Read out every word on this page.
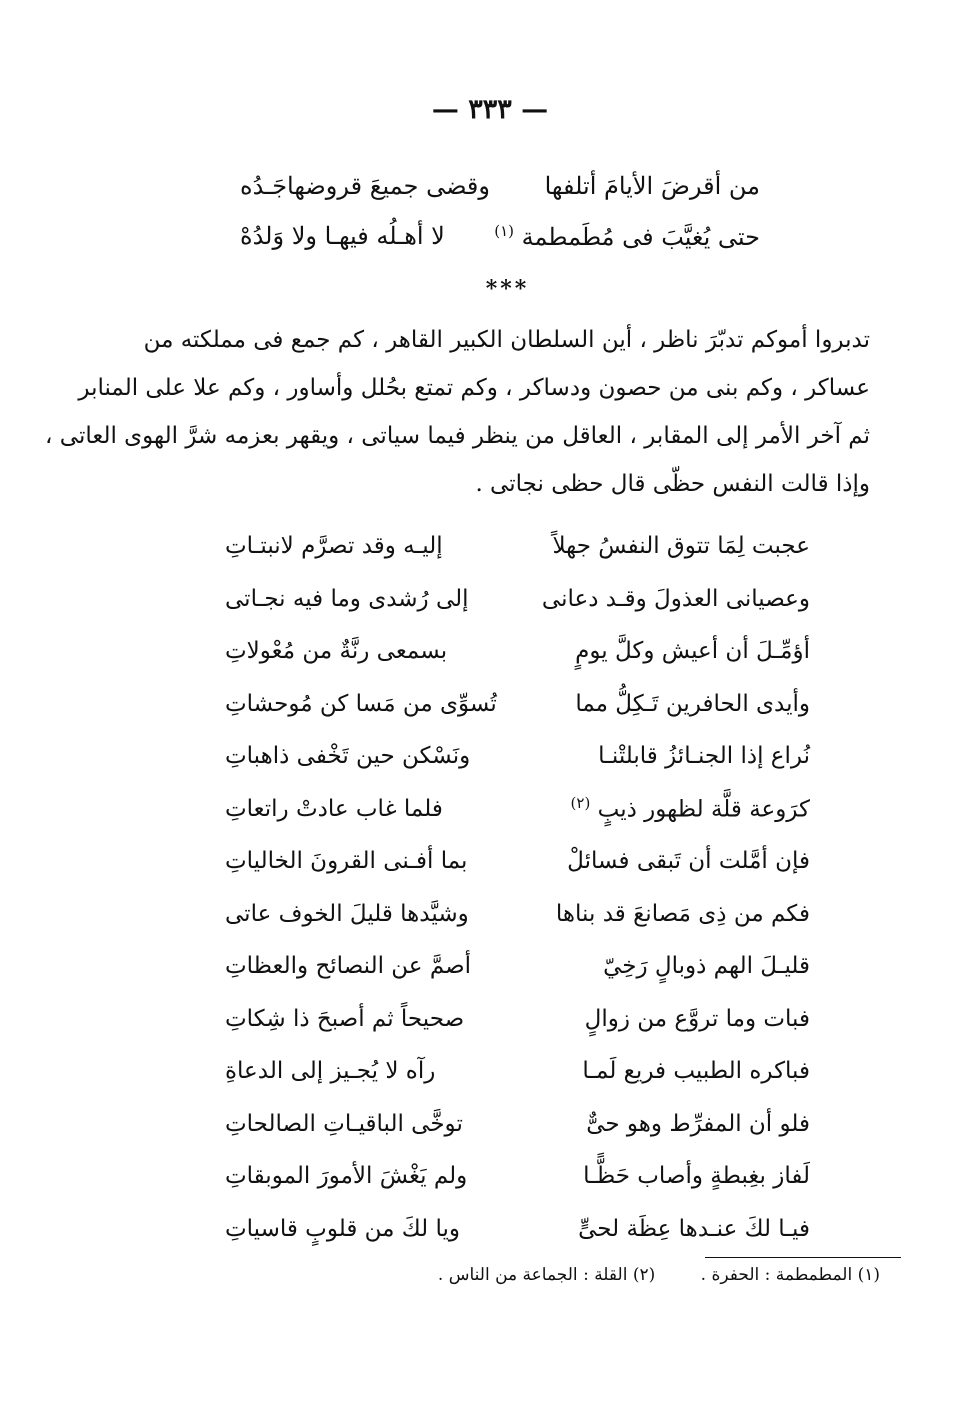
— ٣٣٣ —
من أقرضَ الأيامَ أتلفها
وقضى جميعَ قروضهاجَـدُه
حتى يُغيَّبَ فى مُطَمطمة $^{(١)}$
لا أهـلُه فيهـا ولا وَلدُهْ
***
تدبروا أموكم تدبّرَ ناظر ، أين السلطان الكبير القاهر ، كم جمع فى مملكته من
عساكر ، وكم بنى من حصون ودساكر ، وكم تمتع بحُلل وأساور ، وكم علا على المنابر
ثم آخر الأمر إلى المقابر ، العاقل من ينظر فيما سياتى ، ويقهر بعزمه شرَّ الهوى العاتى ،
وإذا قالت النفس حظّى قال حظى نجاتى .
عجبت لِمَا تتوق النفسُ جهلاً
إليـه وقد تصرَّم لانبتـاتِ
وعصيانى العذولَ وقـد دعانى
إلى رُشدى وما فيه نجـاتى
أؤمِّـلَ أن أعيش وكلَّ يومٍ
بسمعى رنَّةٌ من مُعْولاتِ
وأيدى الحافرين تَـكِلُّ مما
تُسوِّى من مَسا كن مُوحشاتِ
نُراع إذا الجنـائزُ قابلتْنـا
ونَسْكن حين تَخْفى ذاهباتِ
كرَوعة قلَّة لظهور ذيبٍ $^{(٢)}$
فلما غاب عادتْ راتعاتِ
فإن أمَّلت أن تَبقى فسائلْ
بما أفـنى القرونَ الخالياتِ
فكم من ذِى مَصانعَ قد بناها
وشيَّدها قليلَ الخوف عاتى
قليـلَ الهم ذوبالٍ رَخِيّ
أصمَّ عن النصائح والعظاتِ
فبات وما تروَّع من زوالٍ
صحيحاً ثم أصبحَ ذا شِكاتِ
فباكره الطبيب فريع لَمـا
رآه لا يُجـيز إلى الدعاةِ
فلو أن المفرِّط وهو حىٌّ
توخَّى الباقيـاتِ الصالحاتِ
لَفاز بغِبطةٍ وأصاب حَظًّـا
ولم يَغْشَ الأمورَ الموبقاتِ
فيـا لكَ عنـدها عِظَة لحىٍّ
ويا لكَ من قلوبٍ قاسياتِ
(١) المطمطمة : الحفرة . (٢) القلة : الجماعة من الناس .
